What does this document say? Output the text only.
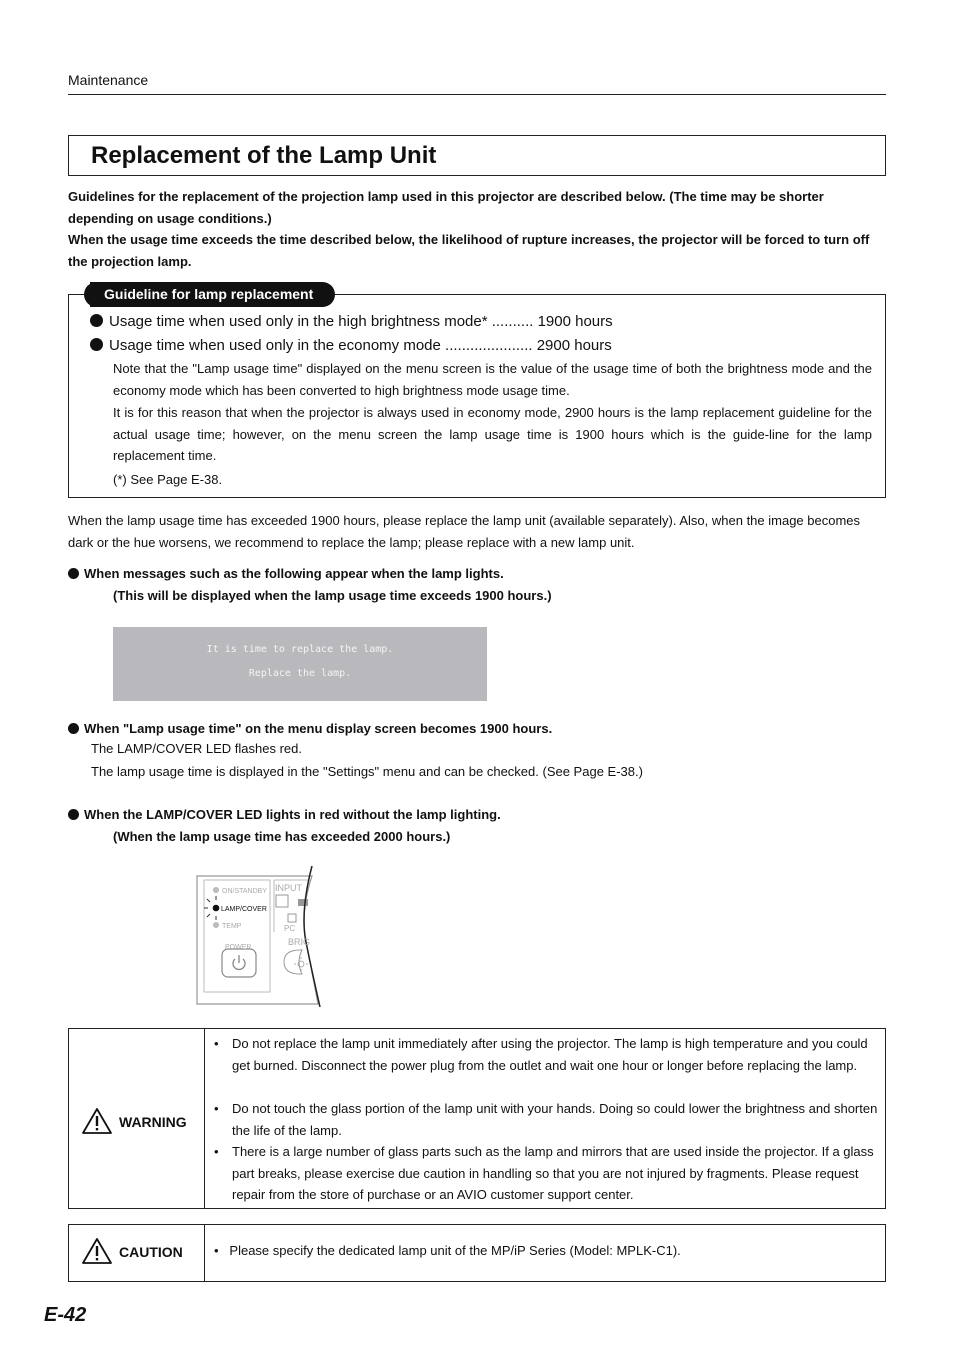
Maintenance
Replacement of the Lamp Unit
Guidelines for the replacement of the projection lamp used in this projector are described below. (The time may be shorter depending on usage conditions.)
When the usage time exceeds the time described below, the likelihood of rupture increases, the projector will be forced to turn off the projection lamp.
Guideline for lamp replacement
Usage time when used only in the high brightness mode* .......... 1900 hours
Usage time when used only in the economy mode ..................... 2900 hours
Note that the "Lamp usage time" displayed on the menu screen is the value of the usage time of both the brightness mode and the economy mode which has been converted to high brightness mode usage time.
It is for this reason that when the projector is always used in economy mode, 2900 hours is the lamp replacement guideline for the actual usage time; however, on the menu screen the lamp usage time is 1900 hours which is the guide-line for the lamp replacement time.
(*) See Page E-38.
When the lamp usage time has exceeded 1900 hours, please replace the lamp unit (available separately). Also, when the image becomes dark or the hue worsens, we recommend to replace the lamp; please replace with a new lamp unit.
When messages such as the following appear when the lamp lights.
(This will be displayed when the lamp usage time exceeds 1900 hours.)
It is time to replace the lamp.
Replace the lamp.
When "Lamp usage time" on the menu display screen becomes 1900 hours.
The LAMP/COVER LED flashes red.
The lamp usage time is displayed in the "Settings" menu and can be checked. (See Page E-38.)
When the LAMP/COVER LED lights in red without the lamp lighting.
(When the lamp usage time has exceeded 2000 hours.)
ON/STANDBY
LAMP/COVER
TEMP
POWER
INPUT
PC
BRIG
WARNING
• Do not replace the lamp unit immediately after using the projector. The lamp is high temperature and you could get burned. Disconnect the power plug from the outlet and wait one hour or longer before replacing the lamp.
• Do not touch the glass portion of the lamp unit with your hands. Doing so could lower the brightness and shorten the life of the lamp.
• There is a large number of glass parts such as the lamp and mirrors that are used inside the projector. If a glass part breaks, please exercise due caution in handling so that you are not injured by fragments. Please request repair from the store of purchase or an AVIO customer support center.
CAUTION • Please specify the dedicated lamp unit of the MP/iP Series (Model: MPLK-C1).
E-42
